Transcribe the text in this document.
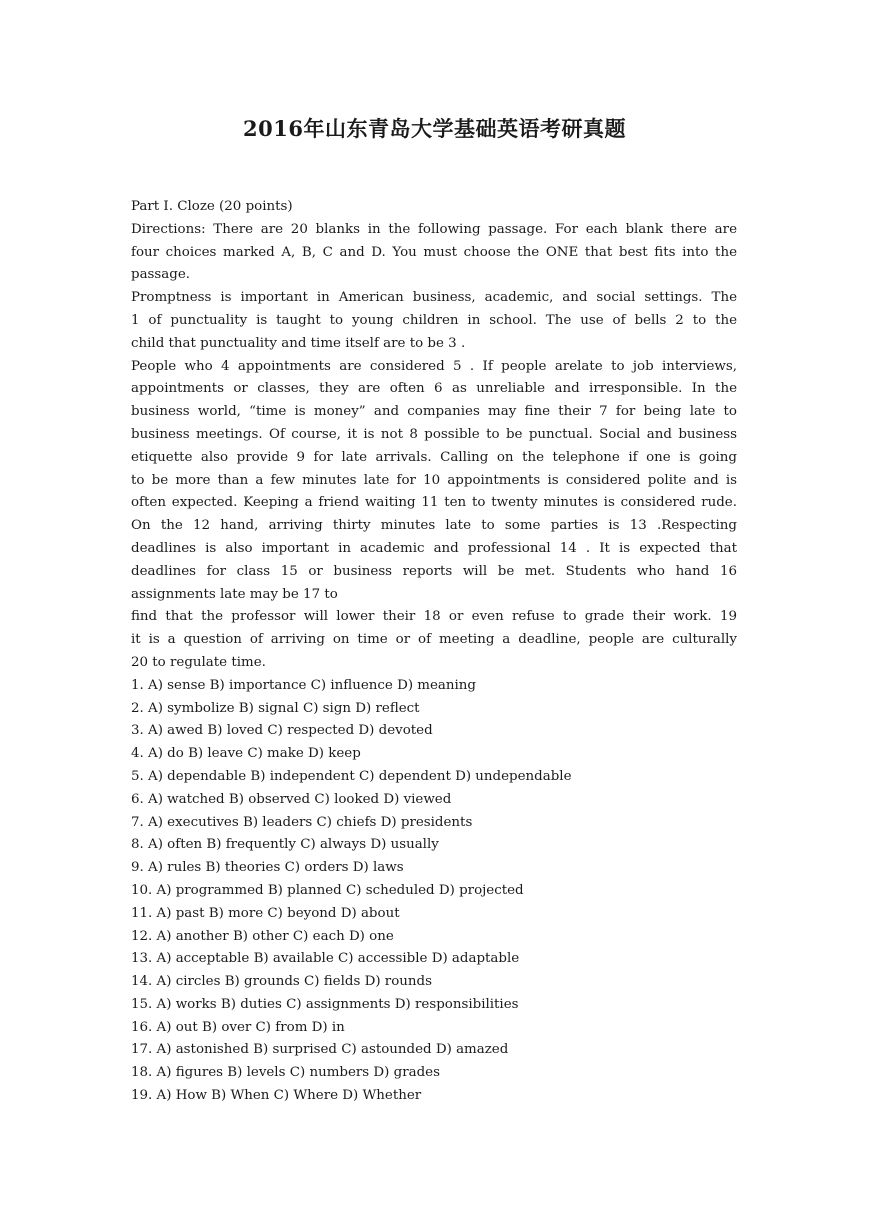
2016年山东青岛大学基础英语考研真题

Part I. Cloze (20 points)

Directions: There are 20 blanks in the following passage. For each blank there are

four choices marked A, B, C and D. You must choose the ONE that best fits into the

passage.

Promptness is important in American business, academic, and social settings. The

1 of punctuality is taught to young children in school. The use of bells 2 to the

child that punctuality and time itself are to be 3 .

People who 4 appointments are considered 5 . If people arelate to job interviews,

appointments or classes, they are often 6 as unreliable and irresponsible. In the

business world, “time is money” and companies may fine their 7 for being late to

business meetings. Of course, it is not 8 possible to be punctual. Social and business

etiquette also provide 9 for late arrivals. Calling on the telephone if one is going

to be more than a few minutes late for 10 appointments is considered polite and is

often expected. Keeping a friend waiting 11 ten to twenty minutes is considered rude.

On the 12 hand, arriving thirty minutes late to some parties is 13 .Respecting

deadlines is also important in academic and professional 14 . It is expected that

deadlines for class 15 or business reports will be met. Students who hand 16

assignments late may be 17 to

find that the professor will lower their 18 or even refuse to grade their work. 19

it is a question of arriving on time or of meeting a deadline, people are culturally

20 to regulate time.

1. A) sense B) importance C) influence D) meaning
2. A) symbolize B) signal C) sign D) reflect
3. A) awed B) loved C) respected D) devoted
4. A) do B) leave C) make D) keep
5. A) dependable B) independent C) dependent D) undependable
6. A) watched B) observed C) looked D) viewed
7. A) executives B) leaders C) chiefs D) presidents
8. A) often B) frequently C) always D) usually
9. A) rules B) theories C) orders D) laws
10. A) programmed B) planned C) scheduled D) projected
11. A) past B) more C) beyond D) about
12. A) another B) other C) each D) one
13. A) acceptable B) available C) accessible D) adaptable
14. A) circles B) grounds C) fields D) rounds
15. A) works B) duties C) assignments D) responsibilities
16. A) out B) over C) from D) in
17. A) astonished B) surprised C) astounded D) amazed
18. A) figures B) levels C) numbers D) grades
19. A) How B) When C) Where D) Whether
